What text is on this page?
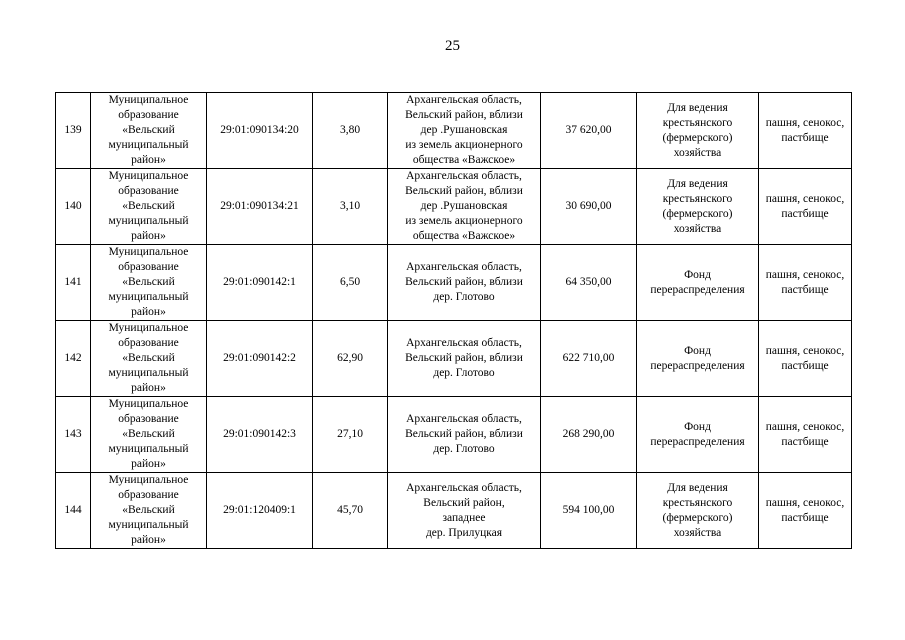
25
139	Муниципальное
образование
«Вельский
муниципальный
район»	29:01:090134:20	3,80	Архангельская область,
Вельский район, вблизи
дер .Рушановская
из земель акционерного
общества «Важское»	37 620,00	Для ведения
крестьянского
(фермерского)
хозяйства	пашня, сенокос,
пастбище
140	Муниципальное
образование
«Вельский
муниципальный
район»	29:01:090134:21	3,10	Архангельская область,
Вельский район, вблизи
дер .Рушановская
из земель акционерного
общества «Важское»	30 690,00	Для ведения
крестьянского
(фермерского)
хозяйства	пашня, сенокос,
пастбище
141	Муниципальное
образование
«Вельский
муниципальный
район»	29:01:090142:1	6,50	Архангельская область,
Вельский район, вблизи
дер. Глотово	64 350,00	Фонд
перераспределения	пашня, сенокос,
пастбище
142	Муниципальное
образование
«Вельский
муниципальный
район»	29:01:090142:2	62,90	Архангельская область,
Вельский район, вблизи
дер. Глотово	622 710,00	Фонд
перераспределения	пашня, сенокос,
пастбище
143	Муниципальное
образование
«Вельский
муниципальный
район»	29:01:090142:3	27,10	Архангельская область,
Вельский район, вблизи
дер. Глотово	268 290,00	Фонд
перераспределения	пашня, сенокос,
пастбище
144	Муниципальное
образование
«Вельский
муниципальный
район»	29:01:120409:1	45,70	Архангельская область,
Вельский район,
западнее
дер. Прилуцкая	594 100,00	Для ведения
крестьянского
(фермерского)
хозяйства	пашня, сенокос,
пастбище
